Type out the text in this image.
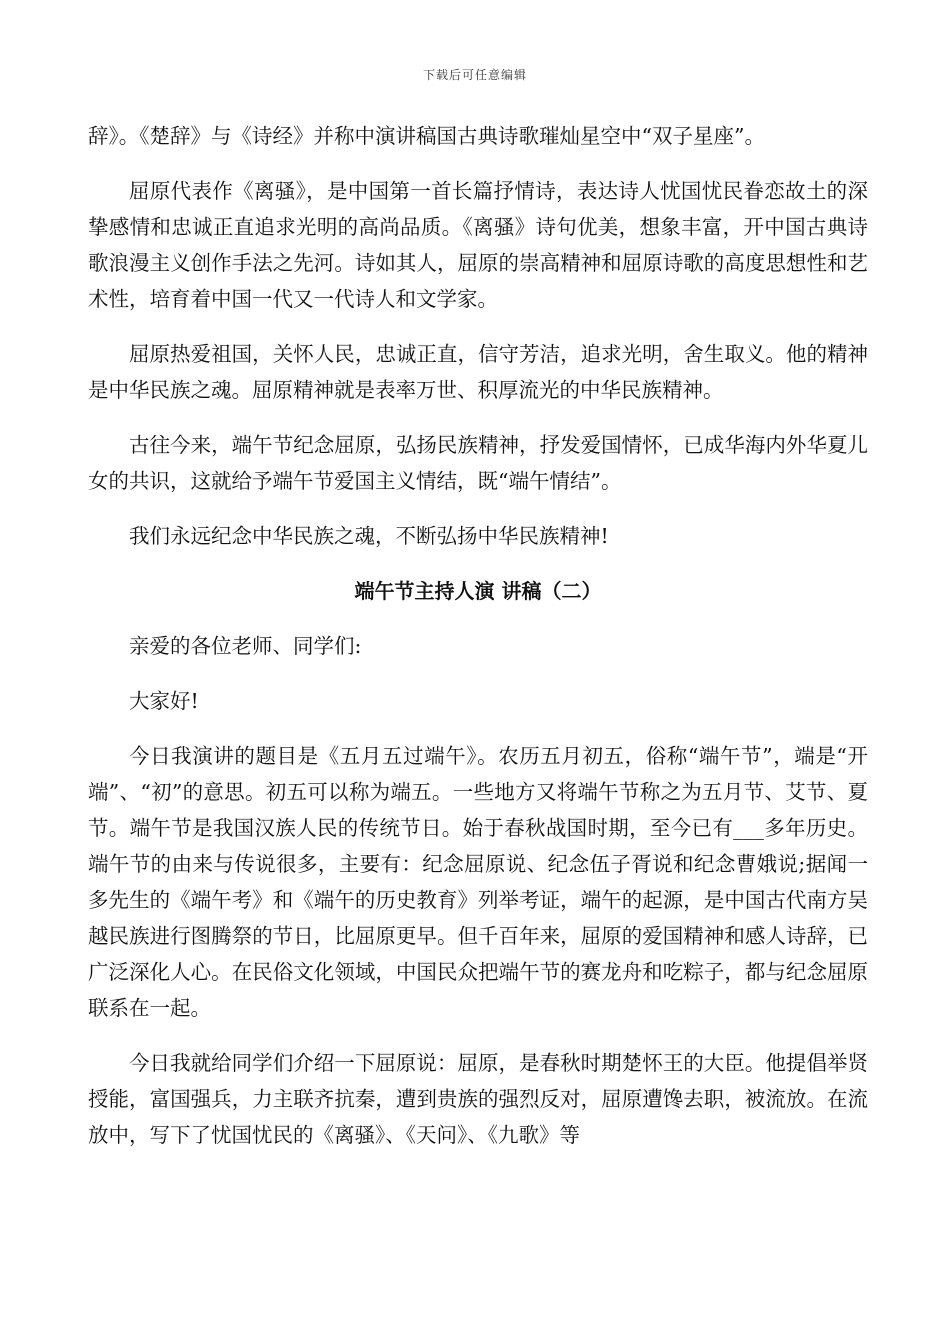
下载后可任意编辑

辞》。《楚辞》与《诗经》并称中演讲稿国古典诗歌璀灿星空中“双子星座”。

屈原代表作《离骚》，是中国第一首长篇抒情诗，表达诗人忧国忧民眷恋故土的深挚感情和忠诚正直追求光明的高尚品质。《离骚》诗句优美，想象丰富，开中国古典诗歌浪漫主义创作手法之先河。诗如其人，屈原的崇高精神和屈原诗歌的高度思想性和艺术性，培育着中国一代又一代诗人和文学家。

屈原热爱祖国，关怀人民，忠诚正直，信守芳洁，追求光明，舍生取义。他的精神是中华民族之魂。屈原精神就是表率万世、积厚流光的中华民族精神。

古往今来，端午节纪念屈原，弘扬民族精神，抒发爱国情怀，已成华海内外华夏儿女的共识，这就给予端午节爱国主义情结，既“端午情结”。

我们永远纪念中华民族之魂，不断弘扬中华民族精神!

端午节主持人演 讲稿（二）

亲爱的各位老师、同学们:

大家好!

今日我演讲的题目是《五月五过端午》。农历五月初五，俗称“端午节”，端是“开端”、“初”的意思。初五可以称为端五。一些地方又将端午节称之为五月节、艾节、夏节。端午节是我国汉族人民的传统节日。始于春秋战国时期，至今已有___多年历史。端午节的由来与传说很多，主要有：纪念屈原说、纪念伍子胥说和纪念曹娥说;据闻一多先生的《端午考》和《端午的历史教育》列举考证，端午的起源，是中国古代南方吴越民族进行图腾祭的节日，比屈原更早。但千百年来，屈原的爱国精神和感人诗辞，已广泛深化人心。在民俗文化领域，中国民众把端午节的赛龙舟和吃粽子，都与纪念屈原联系在一起。

今日我就给同学们介绍一下屈原说：屈原，是春秋时期楚怀王的大臣。他提倡举贤授能，富国强兵，力主联齐抗秦，遭到贵族的强烈反对，屈原遭馋去职，被流放。在流放中，写下了忧国忧民的《离骚》、《天问》、《九歌》等
